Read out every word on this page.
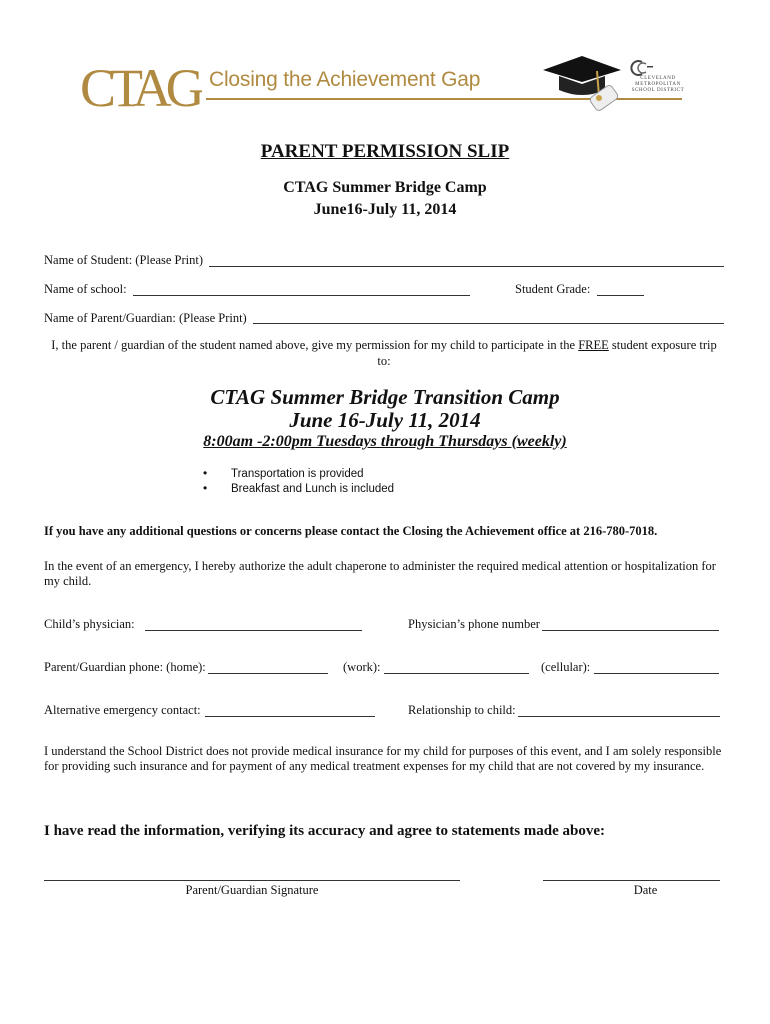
CTAG Closing the Achievement Gap	CLEVELAND METROPOLITAN SCHOOL DISTRICT
PARENT PERMISSION SLIP
CTAG Summer Bridge Camp
June16-July 11, 2014
Name of Student: (Please Print)
Name of school:	Student Grade:
Name of Parent/Guardian: (Please Print)
I, the parent / guardian of the student named above, give my permission for my child to participate in the FREE student exposure trip to:
CTAG Summer Bridge Transition Camp
June 16-July 11, 2014
8:00am -2:00pm Tuesdays through Thursdays (weekly)
• Transportation is provided
• Breakfast and Lunch is included
If you have any additional questions or concerns please contact the Closing the Achievement office at 216-780-7018.
In the event of an emergency, I hereby authorize the adult chaperone to administer the required medical attention or hospitalization for my child.
Child’s physician:	Physician’s phone number
Parent/Guardian phone: (home):	(work):	(cellular):
Alternative emergency contact:	Relationship to child:
I understand the School District does not provide medical insurance for my child for purposes of this event, and I am solely responsible for providing such insurance and for payment of any medical treatment expenses for my child that are not covered by my insurance.
I have read the information, verifying its accuracy and agree to statements made above:
Parent/Guardian Signature	Date
